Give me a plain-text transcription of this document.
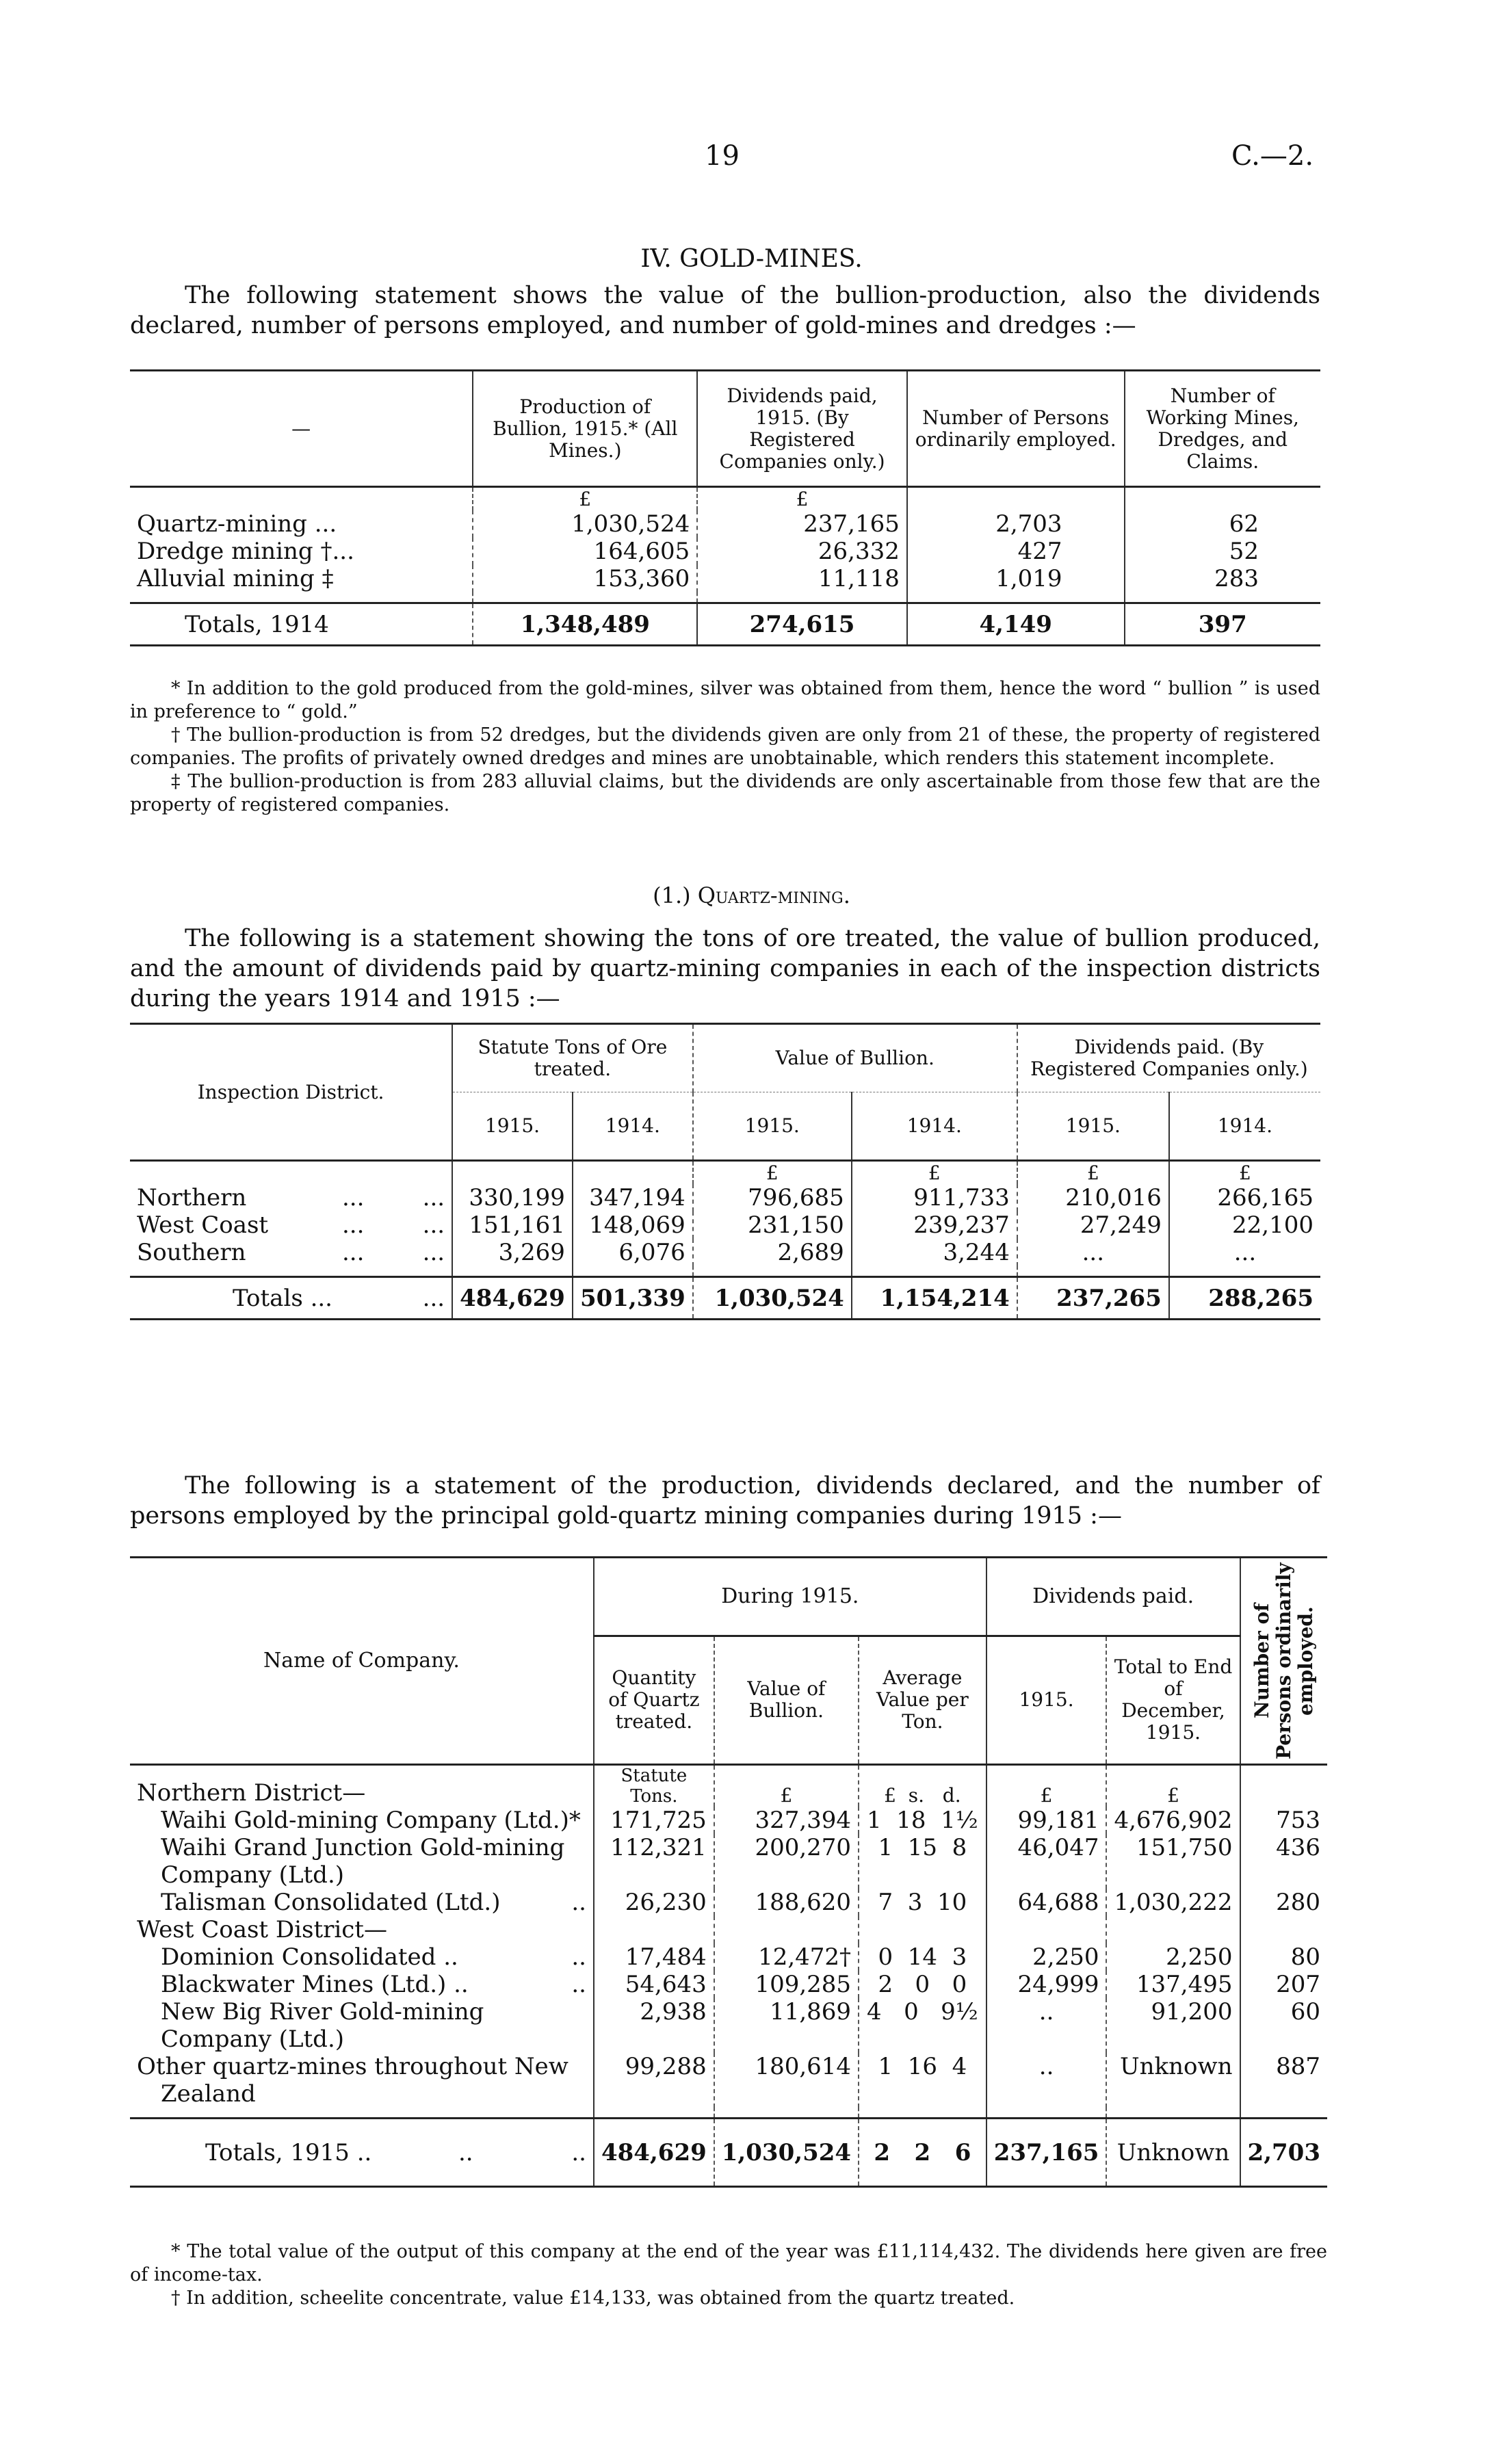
19	C.—2.
IV. GOLD-MINES.
The following statement shows the value of the bullion-production, also the dividends declared, number of persons employed, and number of gold-mines and dredges :—
—	Production of Bullion, 1915.* (All Mines.)	Dividends paid, 1915. (By Registered Companies only.)	Number of Persons ordinarily employed.	Number of Working Mines, Dredges, and Claims.
	£	£		
Quartz-mining ...	1,030,524	237,165	2,703	62
Dredge mining †...	164,605	26,332	427	52
Alluvial mining ‡	153,360	11,118	1,019	283

Totals, 1914	1,348,489	274,615	4,149	397
* In addition to the gold produced from the gold-mines, silver was obtained from them, hence the word “ bullion ” is used in preference to “ gold.”
† The bullion-production is from 52 dredges, but the dividends given are only from 21 of these, the property of registered companies. The profits of privately owned dredges and mines are unobtainable, which renders this statement incomplete.
‡ The bullion-production is from 283 alluvial claims, but the dividends are only ascertainable from those few that are the property of registered companies.
(1.) Quartz-mining.
The following is a statement showing the tons of ore treated, the value of bullion produced, and the amount of dividends paid by quartz-mining companies in each of the inspection districts during the years 1914 and 1915 :—
Inspection District.	Statute Tons of Ore treated.		Value of Bullion.		Dividends paid. (By Registered Companies only.)	
	1915.	1914.	1915.	1914.	1915.	1914.
			£	£	£	£
Northern ... ...	330,199	347,194	796,685	911,733	210,016	266,165
West Coast ... ...	151,161	148,069	231,150	239,237	27,249	22,100
Southern ... ...	3,269	6,076	2,689	3,244	...	...

Totals ... ...	484,629	501,339	1,030,524	1,154,214	237,265	288,265
The following is a statement of the production, dividends declared, and the number of persons employed by the principal gold-quartz mining companies during 1915 :—
Name of Company.	During 1915.			Dividends paid.		Number of Persons ordinarily employed.

	Quantity of Quartz treated.	Value of Bullion.	Average Value per Ton.	1915.	Total to End of December, 1915.	
Northern District—	Statute Tons.	£	£ s. d.	£	£	
Waihi Gold-mining Company (Ltd.)*	171,725	327,394	1 18 1½	99,181	4,676,902	753
Waihi Grand Junction Gold-mining Company (Ltd.)	112,321	200,270	1 15 8	46,047	151,750	436
Talisman Consolidated (Ltd.) ..	26,230	188,620	7 3 10	64,688	1,030,222	280
West Coast District—						
Dominion Consolidated .. ..	17,484	12,472†	0 14 3	2,250	2,250	80
Blackwater Mines (Ltd.) .. ..	54,643	109,285	2 0 0	24,999	137,495	207
New Big River Gold-mining Company (Ltd.)	2,938	11,869	4 0 9½	..	91,200	60
Other quartz-mines throughout New Zealand	99,288	180,614	1 16 4	..	Unknown	887

Totals, 1915 .. .. ..	484,629	1,030,524	2 2 6	237,165	Unknown	2,703
* The total value of the output of this company at the end of the year was £11,114,432. The dividends here given are free of income-tax.
† In addition, scheelite concentrate, value £14,133, was obtained from the quartz treated.
